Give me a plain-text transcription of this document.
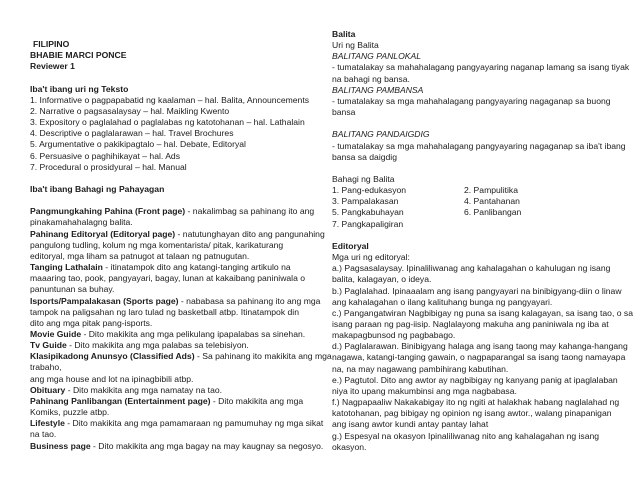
FILIPINO
BHABIE MARCI PONCE
Reviewer 1
Iba't ibang uri ng Teksto
1. Informative o pagpapabatid ng kaalaman – hal. Balita, Announcements
2. Narrative o pagsasalaysay – hal. Maikling Kwento
3. Expository o paglalahad o paglalabas ng katotohanan – hal. Lathalain
4. Descriptive o paglalarawan – hal. Travel Brochures
5. Argumentative o pakikipagtalo – hal. Debate, Editoryal
6. Persuasive o paghihikayat – hal. Ads
7. Procedural o prosidyural – hal. Manual
Iba't ibang Bahagi ng Pahayagan
Pangmungkahing Pahina (Front page) - nakalimbag sa pahinang ito ang
pinakamahahalagng balita.
Pahinang Editoryal (Editoryal page) - natutunghayan dito ang pangunahing
pangulong tudling, kolum ng mga komentarista/ pitak, karikaturang
editoryal, mga liham sa patnugot at talaan ng patnugutan.
Tanging Lathalain - itinatampok dito ang katangi-tanging artikulo na
maaaring tao, pook, pangyayari, bagay, lunan at kakaibang paniniwala o
panuntunan sa buhay.
Isports/Pampalakasan (Sports page) - nababasa sa pahinang ito ang mga
tampok na paligsahan ng laro tulad ng basketball atbp. Itinatampok din
dito ang mga pitak pang-isports.
Movie Guide - Dito makikita ang mga pelikulang ipapalabas sa sinehan.
Tv Guide - Dito makikita ang mga palabas sa telebisiyon.
Klasipikadong Anunsyo (Classified Ads) - Sa pahinang ito makikita ang mga
trabaho,
ang mga house and lot na ipinagbibili atbp.
Obituary - Dito makikita ang mga namatay na tao.
Pahinang Panlibangan (Entertainment page) - Dito makikita ang mga
Komiks, puzzle atbp.
Lifestyle - Dito makikita ang mga pamamaraan ng pamumuhay ng mga sikat
na tao.
Business page - Dito makikita ang mga bagay na may kaugnay sa negosyo.
Balita
Uri ng Balita
BALITANG PANLOKAL
- tumatalakay sa mahahalagang pangyayaring naganap lamang sa isang tiyak
na bahagi ng bansa.
BALITANG PAMBANSA
- tumatalakay sa mga mahahalagang pangyayaring nagaganap sa buong
bansa
BALITANG PANDAIGDIG
- tumatalakay sa mga mahahalagang pangyayaring nagaganap sa iba't ibang
bansa sa daigdig
Bahagi ng Balita
1. Pang-edukasyon	2. Pampulitika
3. Pampalakasan	4. Pantahanan
5. Pangkabuhayan	6. Panlibangan
7. Pangkapaligiran
Editoryal
Mga uri ng editoryal:
a.) Pagsasalaysay. Ipinaliliwanag ang kahalagahan o kahulugan ng isang
balita, kalagayan, o ideya.
b.) Paglalahad. Ipinaaalam ang isang pangyayari na binibigyang-diin o linaw
ang kahalagahan o ilang kalituhang bunga ng pangyayari.
c.) Pangangatwiran Nagbibigay ng puna sa isang kalagayan, sa isang tao, o sa
isang paraan ng pag-iisip. Naglalayong makuha ang paniniwala ng iba at
makapagbunsod ng pagbabago.
d.) Paglalarawan. Binibigyang halaga ang isang taong may kahanga-hangang
nagawa, katangi-tanging gawain, o nagpaparangal sa isang taong namayapa
na, na may nagawang pambihirang kabutihan.
e.) Pagtutol. Dito ang awtor ay nagbibigay ng kanyang panig at ipaglalaban
niya ito upang makumbinsi ang mga nagbabasa.
f.) Nagpapaaliw Nakakabigay ito ng ngiti at halakhak habang naglalahad ng
katotohanan, pag bibigay ng opinion ng isang awtor., walang pinapanigan
ang isang awtor kundi antay pantay lahat
g.) Espesyal na okasyon Ipinaliliwanag nito ang kahalagahan ng isang
okasyon.
